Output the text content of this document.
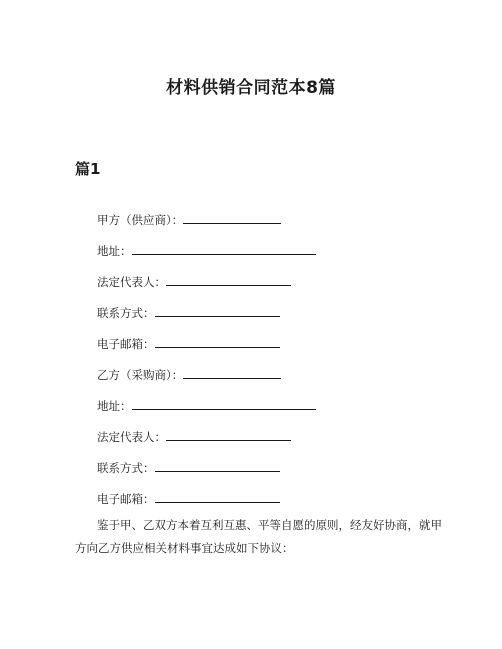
材料供销合同范本8篇
篇1
甲方（供应商）：
地址：
法定代表人：
联系方式：
电子邮箱：
乙方（采购商）：
地址：
法定代表人：
联系方式：
电子邮箱：

鉴于甲、乙双方本着互利互惠、平等自愿的原则，经友好协商，就甲方向乙方供应相关材料事宜达成如下协议：
